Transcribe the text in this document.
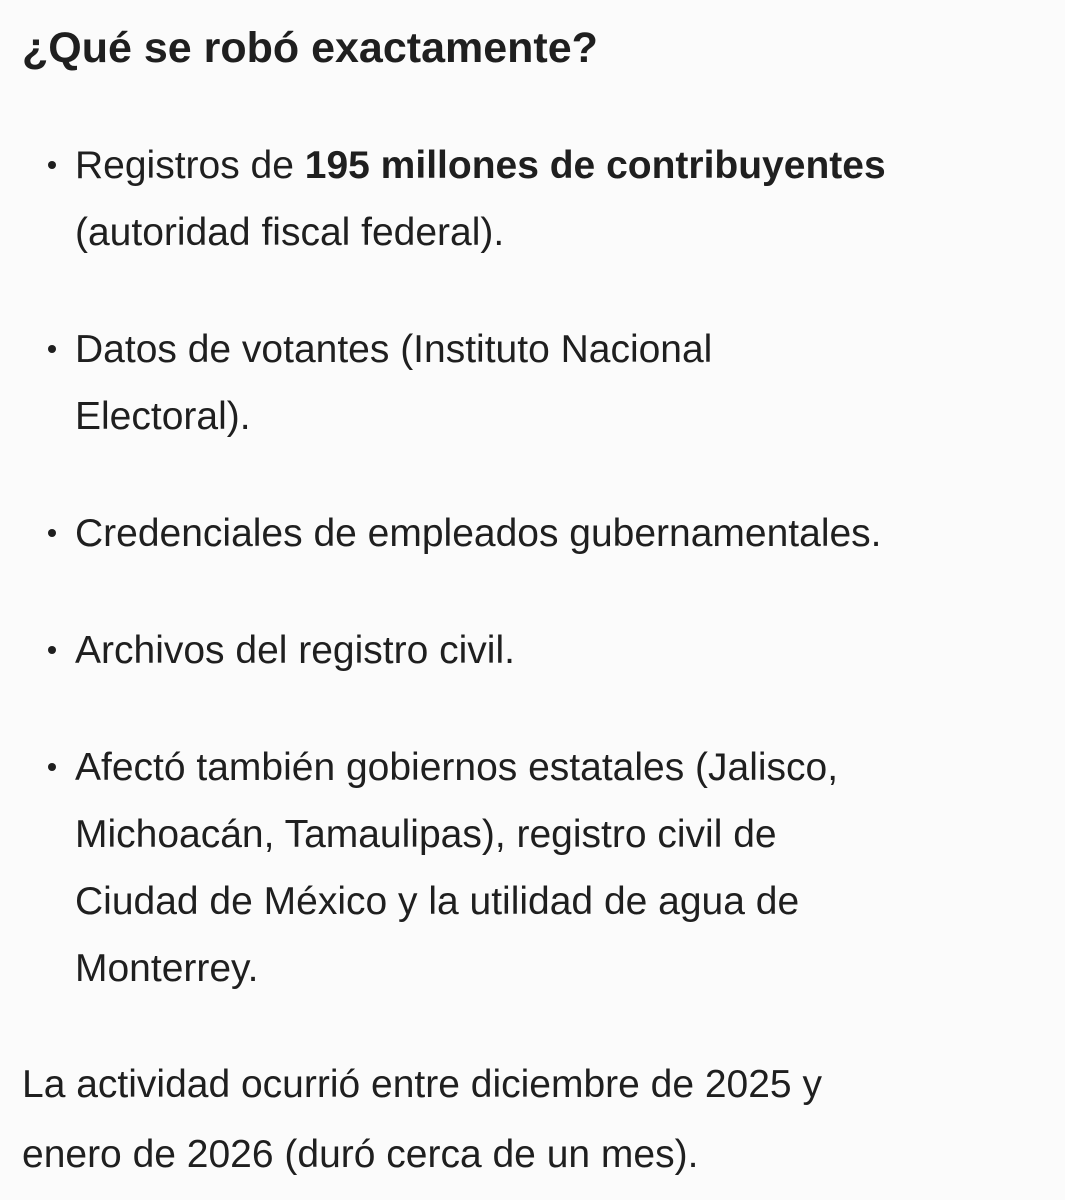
¿Qué se robó exactamente?
Registros de 195 millones de contribuyentes
(autoridad fiscal federal).
Datos de votantes (Instituto Nacional
Electoral).
Credenciales de empleados gubernamentales.
Archivos del registro civil.
Afectó también gobiernos estatales (Jalisco,
Michoacán, Tamaulipas), registro civil de
Ciudad de México y la utilidad de agua de
Monterrey.

La actividad ocurrió entre diciembre de 2025 y
enero de 2026 (duró cerca de un mes).
